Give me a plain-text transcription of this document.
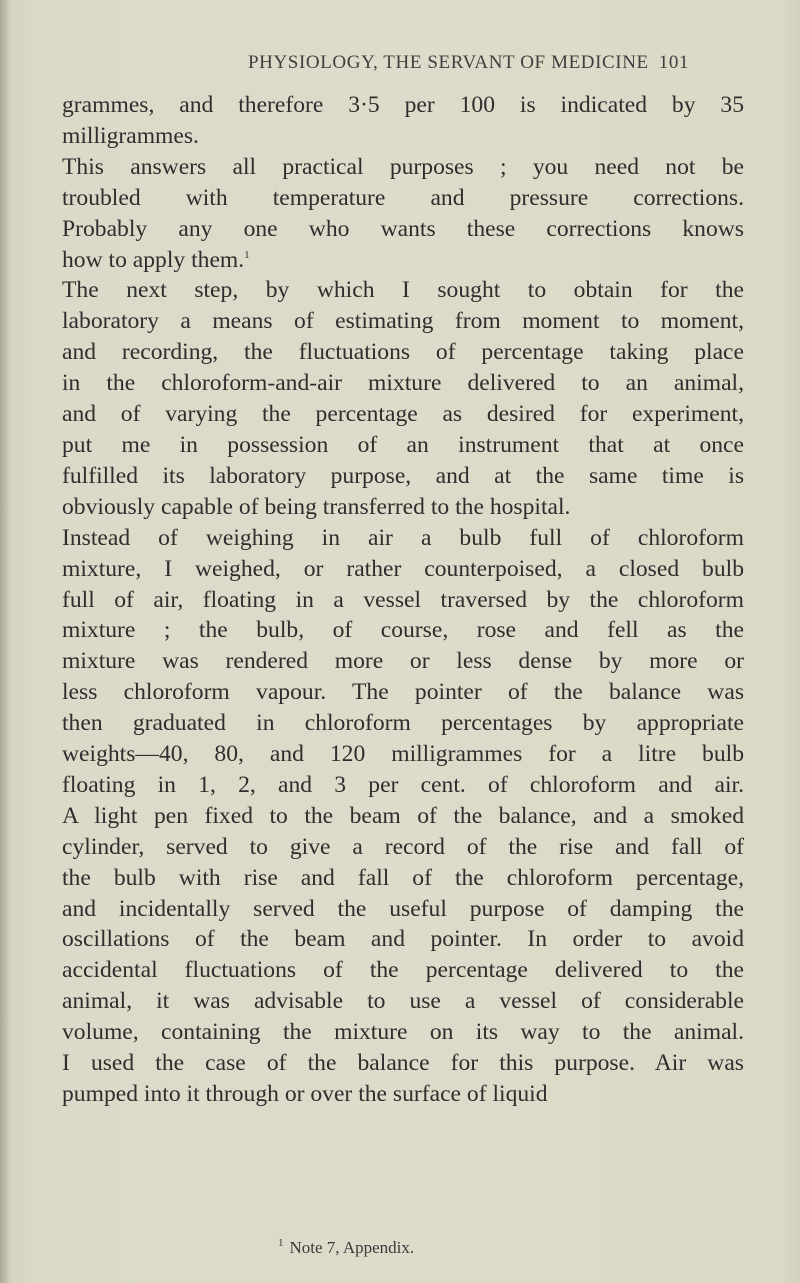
PHYSIOLOGY, THE SERVANT OF MEDICINE 101
grammes, and therefore 3·5 per 100 is indicated by 35
milligrammes.
This answers all practical purposes ; you need not be
troubled with temperature and pressure corrections.
Probably any one who wants these corrections knows
how to apply them.$^1$
The next step, by which I sought to obtain for the
laboratory a means of estimating from moment to moment,
and recording, the fluctuations of percentage taking place
in the chloroform-and-air mixture delivered to an animal,
and of varying the percentage as desired for experiment,
put me in possession of an instrument that at once
fulfilled its laboratory purpose, and at the same time is
obviously capable of being transferred to the hospital.
Instead of weighing in air a bulb full of chloroform
mixture, I weighed, or rather counterpoised, a closed bulb
full of air, floating in a vessel traversed by the chloroform
mixture ; the bulb, of course, rose and fell as the
mixture was rendered more or less dense by more or
less chloroform vapour. The pointer of the balance was
then graduated in chloroform percentages by appropriate
weights—40, 80, and 120 milligrammes for a litre bulb
floating in 1, 2, and 3 per cent. of chloroform and air.
A light pen fixed to the beam of the balance, and a smoked
cylinder, served to give a record of the rise and fall of
the bulb with rise and fall of the chloroform percentage,
and incidentally served the useful purpose of damping the
oscillations of the beam and pointer. In order to avoid
accidental fluctuations of the percentage delivered to the
animal, it was advisable to use a vessel of considerable
volume, containing the mixture on its way to the animal.
I used the case of the balance for this purpose. Air was
pumped into it through or over the surface of liquid
$^1$ Note 7, Appendix.
